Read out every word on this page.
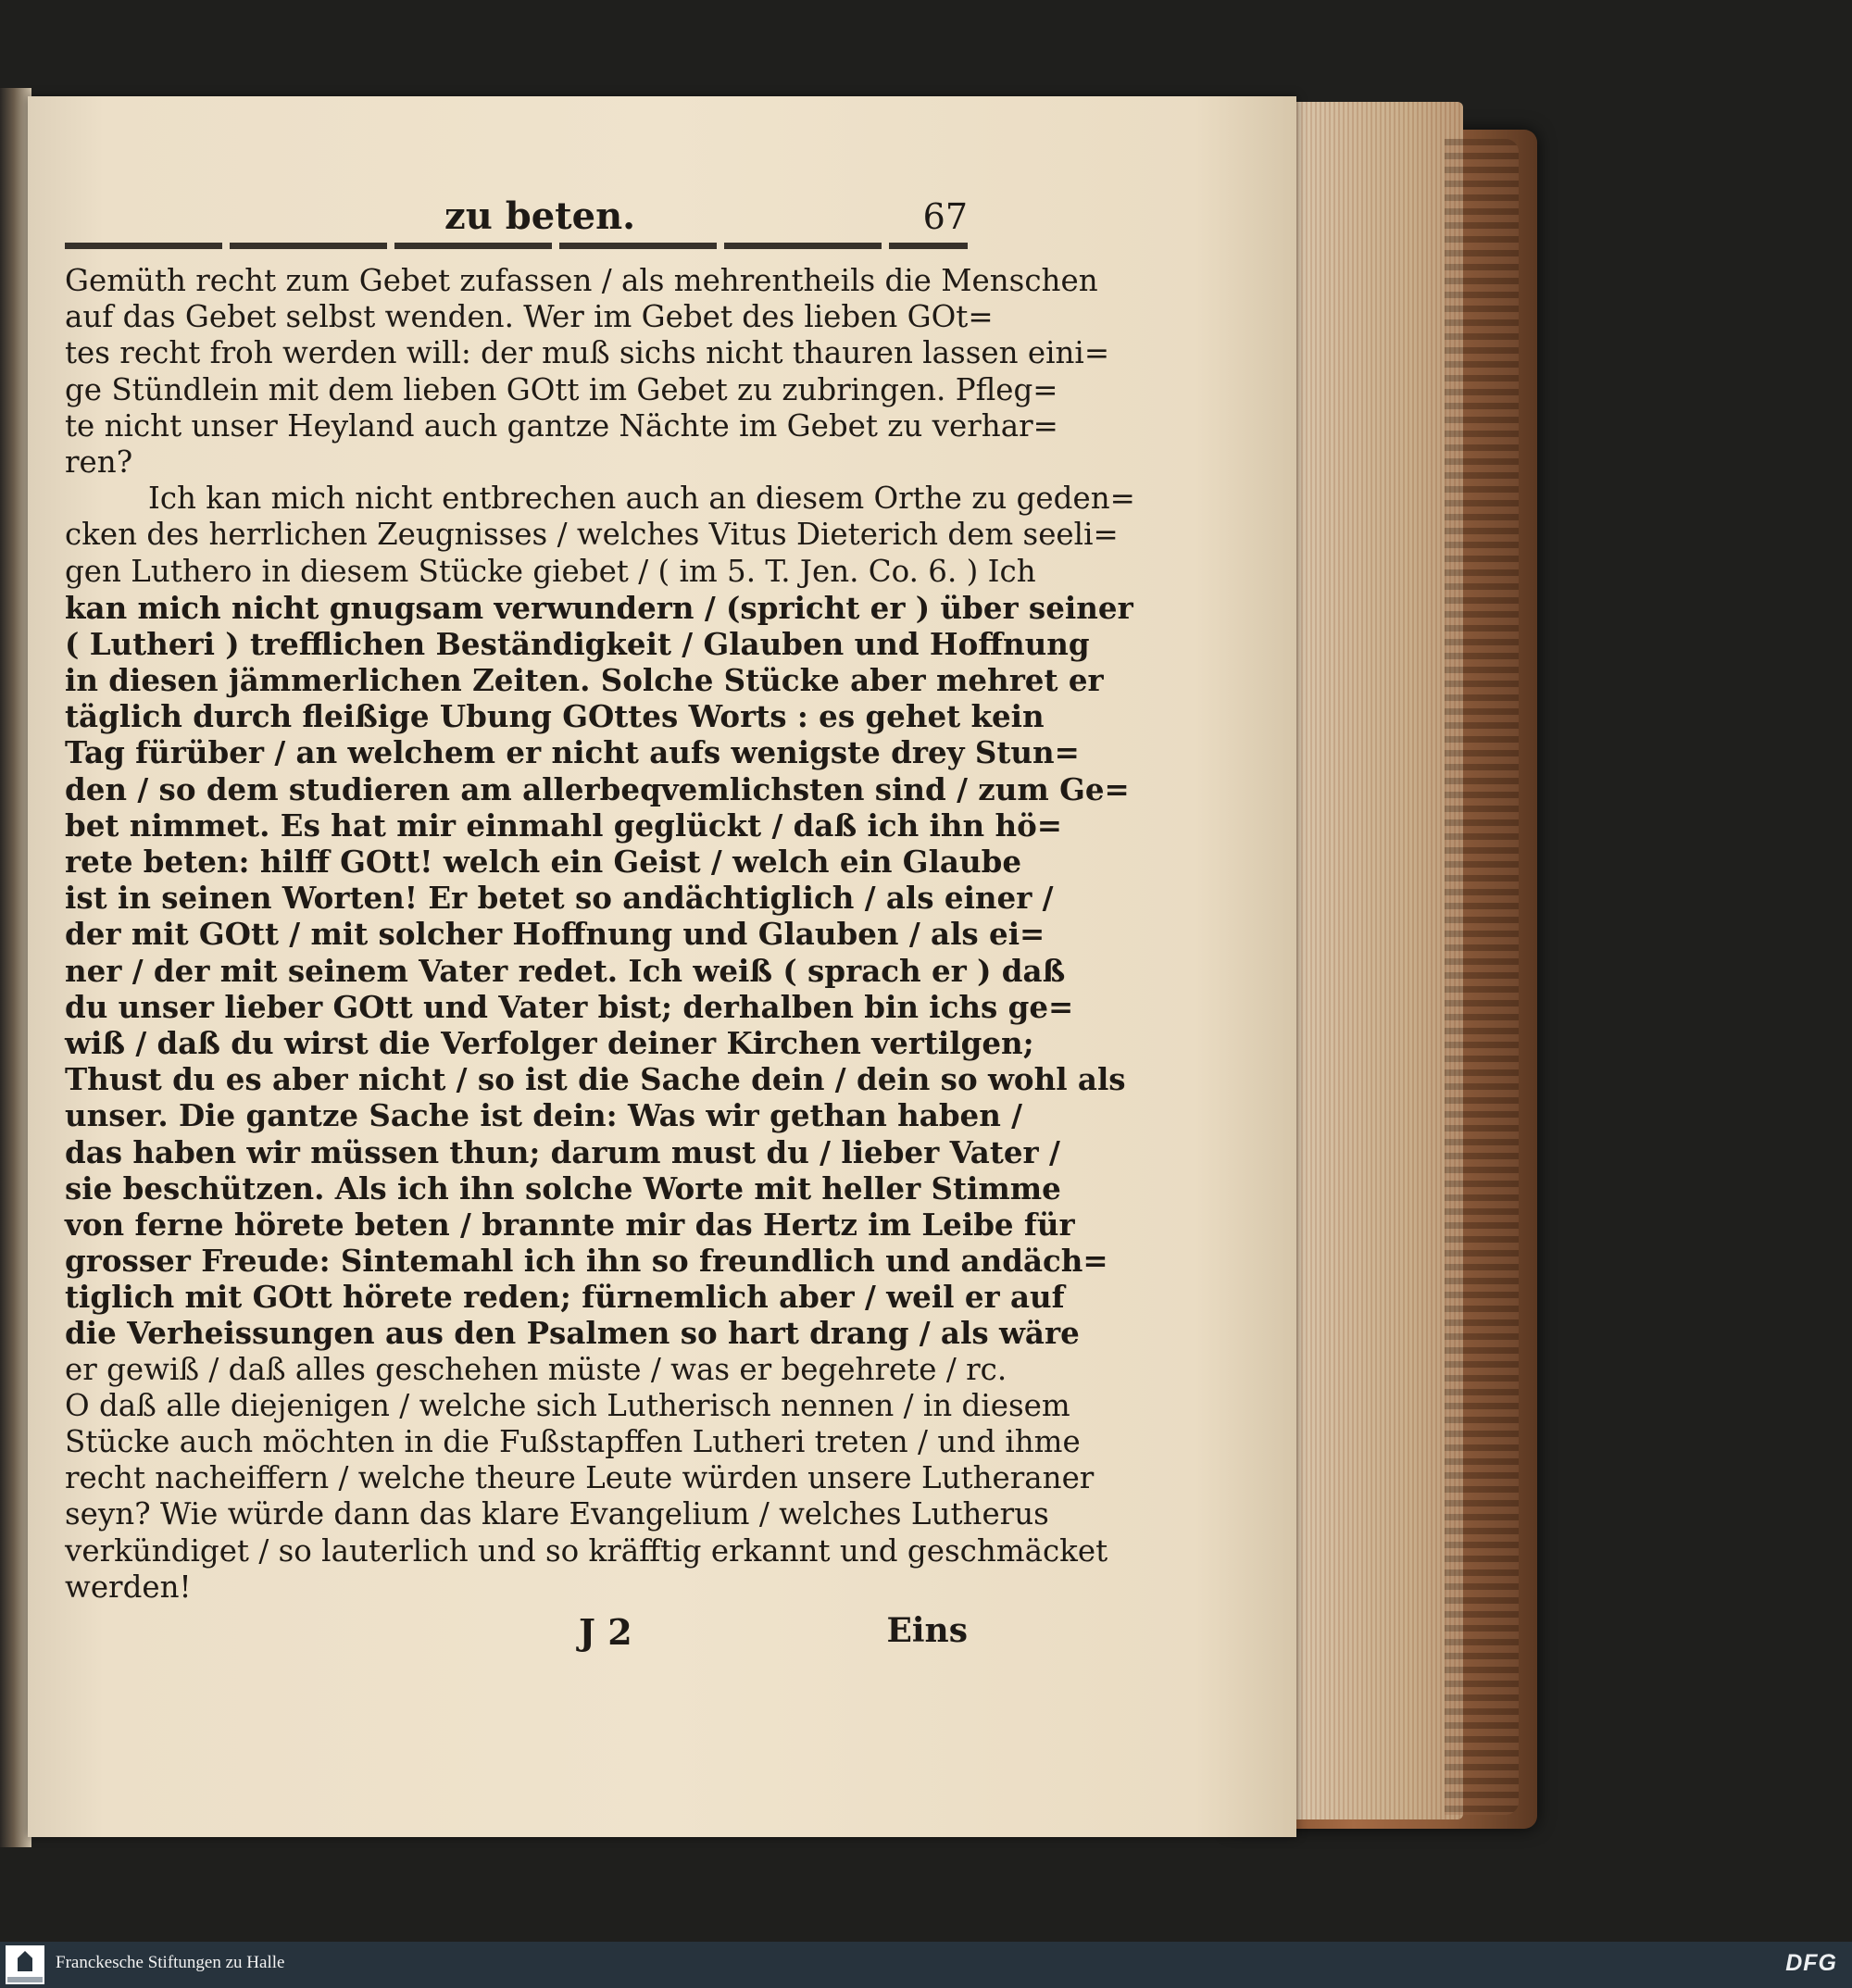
zu beten.	67
Gemüth recht zum Gebet zufassen / als mehrentheils die Menschen
auf das Gebet selbst wenden. Wer im Gebet des lieben GOt=
tes recht froh werden will: der muß sichs nicht thauren lassen eini=
ge Stündlein mit dem lieben GOtt im Gebet zu zubringen. Pfleg=
te nicht unser Heyland auch gantze Nächte im Gebet zu verhar=
ren?
Ich kan mich nicht entbrechen auch an diesem Orthe zu geden=
cken des herrlichen Zeugnisses / welches Vitus Dieterich dem seeli=
gen Luthero in diesem Stücke giebet / ( im 5. T. Jen. Co. 6. ) Ich
kan mich nicht gnugsam verwundern / (spricht er ) über seiner
( Lutheri ) trefflichen Beständigkeit / Glauben und Hoffnung
in diesen jämmerlichen Zeiten. Solche Stücke aber mehret er
täglich durch fleißige Ubung GOttes Worts : es gehet kein
Tag fürüber / an welchem er nicht aufs wenigste drey Stun=
den / so dem studieren am allerbeqvemlichsten sind / zum Ge=
bet nimmet. Es hat mir einmahl geglückt / daß ich ihn hö=
rete beten: hilff GOtt! welch ein Geist / welch ein Glaube
ist in seinen Worten! Er betet so andächtiglich / als einer /
der mit GOtt / mit solcher Hoffnung und Glauben / als ei=
ner / der mit seinem Vater redet. Ich weiß ( sprach er ) daß
du unser lieber GOtt und Vater bist; derhalben bin ichs ge=
wiß / daß du wirst die Verfolger deiner Kirchen vertilgen;
Thust du es aber nicht / so ist die Sache dein / dein so wohl als
unser. Die gantze Sache ist dein: Was wir gethan haben /
das haben wir müssen thun; darum must du / lieber Vater /
sie beschützen. Als ich ihn solche Worte mit heller Stimme
von ferne hörete beten / brannte mir das Hertz im Leibe für
grosser Freude: Sintemahl ich ihn so freundlich und andäch=
tiglich mit GOtt hörete reden; fürnemlich aber / weil er auf
die Verheissungen aus den Psalmen so hart drang / als wäre
er gewiß / daß alles geschehen müste / was er begehrete / rc.
O daß alle diejenigen / welche sich Lutherisch nennen / in diesem
Stücke auch möchten in die Fußstapffen Lutheri treten / und ihme
recht nacheiffern / welche theure Leute würden unsere Lutheraner
seyn? Wie würde dann das klare Evangelium / welches Lutherus
verkündiget / so lauterlich und so kräfftig erkannt und geschmäcket
werden!
J 2	Eins
Franckesche Stiftungen zu Halle	DFG
